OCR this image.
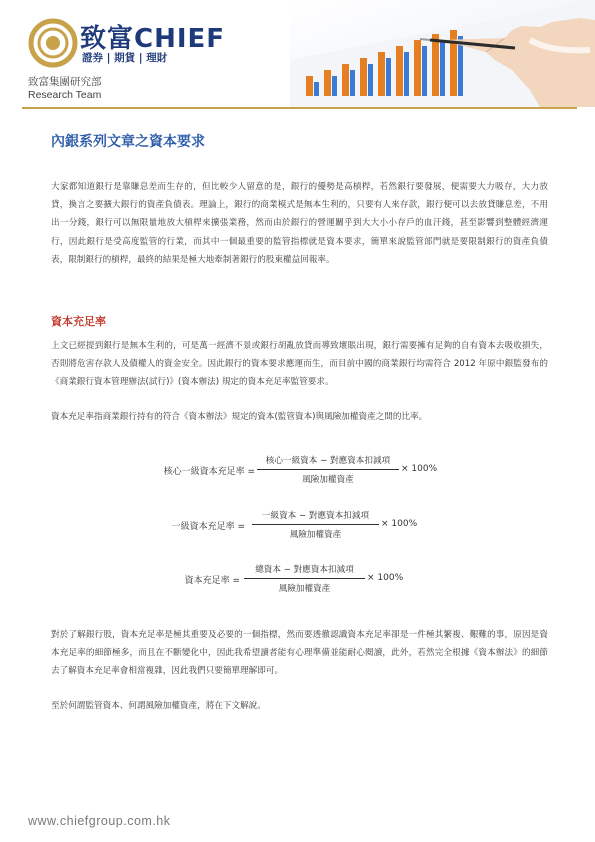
致富CHIEF
證券 | 期貨 | 理財
致富集團研究部
Research Team
內銀系列文章之資本要求
大家都知道銀行是靠賺息差而生存的，但比較少人留意的是，銀行的優勢是高槓桿，若然銀行要發展，便需要大力吸存，大力放貸，換言之要擴大銀行的資產負債表。理論上，銀行的商業模式是無本生利的，只要有人來存款，銀行便可以去放貸賺息差，不用出一分錢，銀行可以無限量地放大槓桿來擴張業務，然而由於銀行的營運關乎到大大小小存戶的血汗錢，甚至影響到整體經濟運行，因此銀行是受高度監管的行業，而其中一個最重要的監管指標就是資本要求，簡單來說監管部門就是要限制銀行的資產負債表，限制銀行的槓桿，最終的結果是極大地牽制著銀行的股東權益回報率。
資本充足率
上文已經提到銀行是無本生利的，可是萬一經濟不景或銀行胡亂放貸而導致壞賬出現，銀行需要擁有足夠的自有資本去吸收損失，否則將危害存款人及債權人的資金安全。因此銀行的資本要求應運而生，而目前中國的商業銀行均需符合 2012 年原中銀監發布的《商業銀行資本管理辦法(試行)》(資本辦法) 規定的資本充足率監管要求。
資本充足率指商業銀行持有的符合《資本辦法》規定的資本(監管資本)與風險加權資產之間的比率。
核心一級資本充足率 =
核心一級資本 − 對應資本扣減項
風險加權資產
× 100%
一級資本充足率 =
一級資本 − 對應資本扣減項
風險加權資產
× 100%
資本充足率 =
總資本 − 對應資本扣減項
風險加權資產
× 100%
對於了解銀行股，資本充足率是極其重要及必要的一個指標，然而要透徹認識資本充足率卻是一件極其繁複、艱難的事，原因是資本充足率的細節極多，而且在不斷變化中，因此我希望讀者能有心理準備並能耐心閱讀，此外，若然完全根據《資本辦法》的細節去了解資本充足率會相當複雜，因此我們只要簡單理解即可。
至於何謂監管資本、何謂風險加權資產，將在下文解說。
www.chiefgroup.com.hk
